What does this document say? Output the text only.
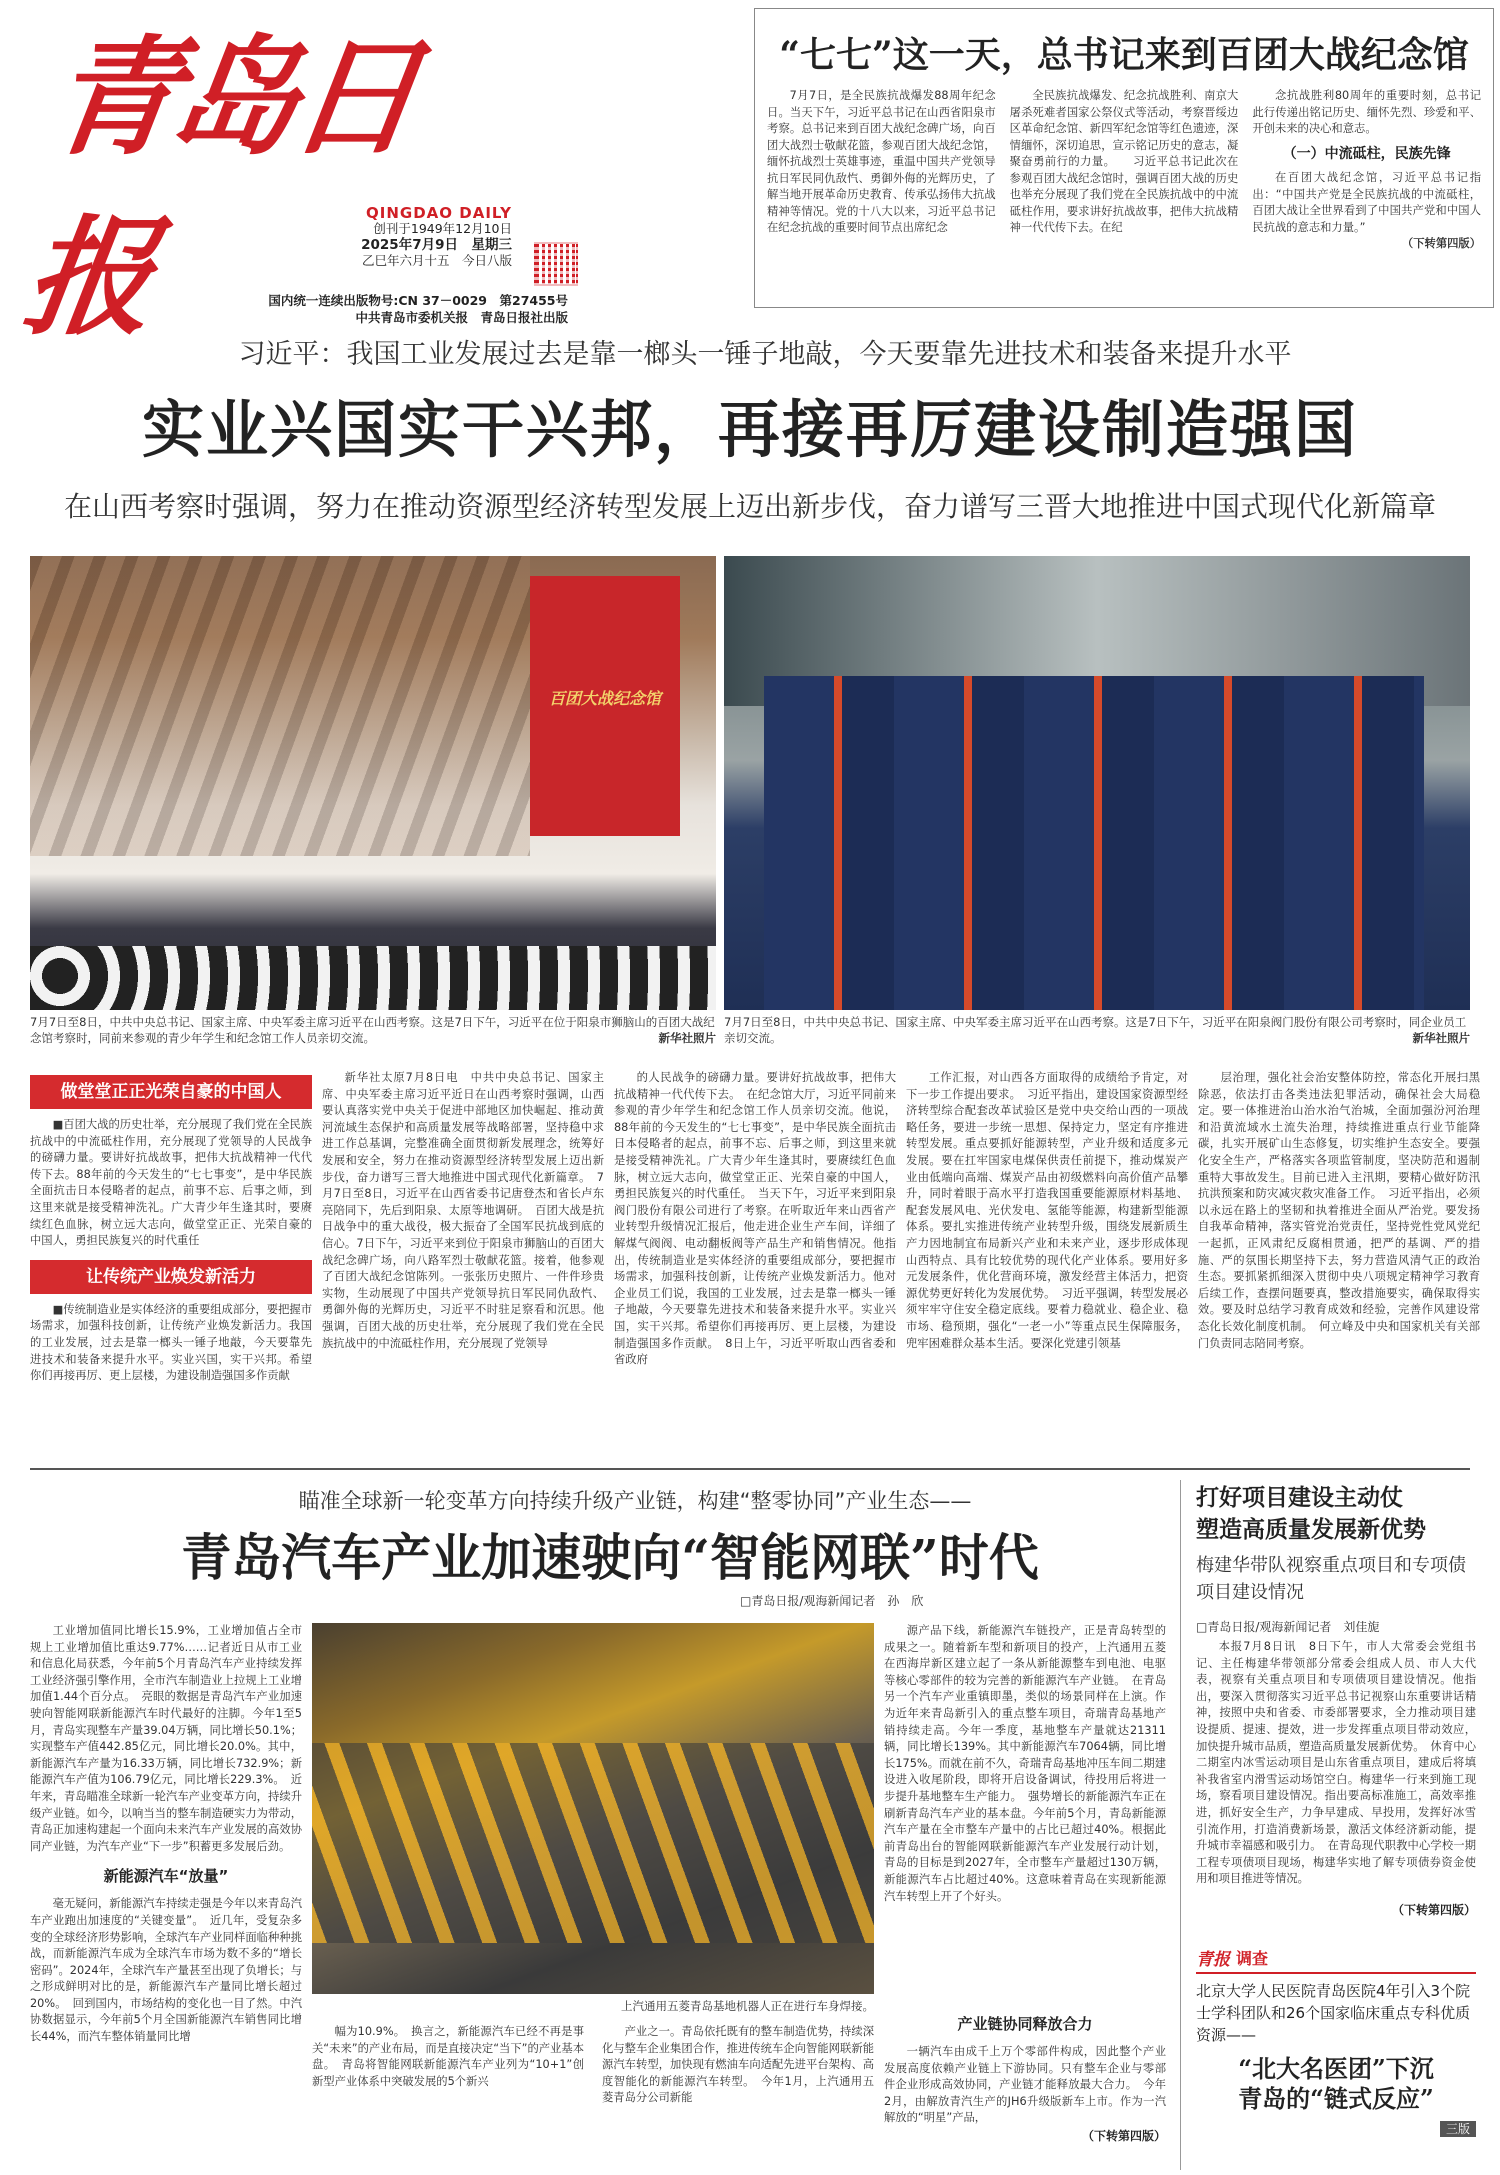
青岛日报	QINGDAO DAILY
创刊于1949年12月10日
2025年7月9日　星期三
乙巳年六月十五　今日八版
国内统一连续出版物号:CN 37－0029　第27455号
中共青岛市委机关报　青岛日报社出版
“七七”这一天，总书记来到百团大战纪念馆
7月7日，是全民族抗战爆发88周年纪念日。当天下午，习近平总书记在山西省阳泉市考察。总书记来到百团大战纪念碑广场，向百团大战烈士敬献花篮，参观百团大战纪念馆，缅怀抗战烈士英雄事迹，重温中国共产党领导抗日军民同仇敌忾、勇御外侮的光辉历史，了解当地开展革命历史教育、传承弘扬伟大抗战精神等情况。党的十八大以来，习近平总书记在纪念抗战的重要时间节点出席纪念
全民族抗战爆发、纪念抗战胜利、南京大屠杀死难者国家公祭仪式等活动，考察晋绥边区革命纪念馆、新四军纪念馆等红色遗迹，深情缅怀，深切追思，宣示铭记历史的意志，凝聚奋勇前行的力量。　　习近平总书记此次在参观百团大战纪念馆时，强调百团大战的历史也举充分展现了我们党在全民族抗战中的中流砥柱作用，要求讲好抗战故事，把伟大抗战精神一代代传下去。在纪
念抗战胜利80周年的重要时刻，总书记此行传递出铭记历史、缅怀先烈、珍爱和平、开创未来的决心和意志。
（一）中流砥柱，民族先锋
在百团大战纪念馆，习近平总书记指出：“中国共产党是全民族抗战的中流砥柱，百团大战让全世界看到了中国共产党和中国人民抗战的意志和力量。”
（下转第四版）
习近平：我国工业发展过去是靠一榔头一锤子地敲，今天要靠先进技术和装备来提升水平
实业兴国实干兴邦，再接再厉建设制造强国
在山西考察时强调，努力在推动资源型经济转型发展上迈出新步伐，奋力谱写三晋大地推进中国式现代化新篇章
百团大战纪念馆
7月7日至8日，中共中央总书记、国家主席、中央军委主席习近平在山西考察。这是7日下午，习近平在位于阳泉市狮脑山的百团大战纪念馆考察时，同前来参观的青少年学生和纪念馆工作人员亲切交流。	新华社照片
7月7日至8日，中共中央总书记、国家主席、中央军委主席习近平在山西考察。这是7日下午，习近平在阳泉阀门股份有限公司考察时，同企业员工亲切交流。	新华社照片
做堂堂正正光荣自豪的中国人
■百团大战的历史壮举，充分展现了我们党在全民族抗战中的中流砥柱作用，充分展现了党领导的人民战争的磅礴力量。要讲好抗战故事，把伟大抗战精神一代代传下去。88年前的今天发生的“七七事变”，是中华民族全面抗击日本侵略者的起点，前事不忘、后事之师，到这里来就是接受精神洗礼。广大青少年生逢其时，要赓续红色血脉，树立远大志向，做堂堂正正、光荣自豪的中国人，勇担民族复兴的时代重任
让传统产业焕发新活力
■传统制造业是实体经济的重要组成部分，要把握市场需求，加强科技创新，让传统产业焕发新活力。我国的工业发展，过去是靠一榔头一锤子地敲，今天要靠先进技术和装备来提升水平。实业兴国，实干兴邦。希望你们再接再厉、更上层楼，为建设制造强国多作贡献
新华社太原7月8日电　中共中央总书记、国家主席、中央军委主席习近平近日在山西考察时强调，山西要认真落实党中央关于促进中部地区加快崛起、推动黄河流域生态保护和高质量发展等战略部署，坚持稳中求进工作总基调，完整准确全面贯彻新发展理念，统筹好发展和安全，努力在推动资源型经济转型发展上迈出新步伐，奋力谱写三晋大地推进中国式现代化新篇章。　7月7日至8日，习近平在山西省委书记唐登杰和省长卢东亮陪同下，先后到阳泉、太原等地调研。　百团大战是抗日战争中的重大战役，极大振奋了全国军民抗战到底的信心。7日下午，习近平来到位于阳泉市狮脑山的百团大战纪念碑广场，向八路军烈士敬献花篮。接着，他参观了百团大战纪念馆陈列。一张张历史照片、一件件珍贵实物，生动展现了中国共产党领导抗日军民同仇敌忾、勇御外侮的光辉历史，习近平不时驻足察看和沉思。他强调，百团大战的历史壮举，充分展现了我们党在全民族抗战中的中流砥柱作用，充分展现了党领导
的人民战争的磅礴力量。要讲好抗战故事，把伟大抗战精神一代代传下去。　在纪念馆大厅，习近平同前来参观的青少年学生和纪念馆工作人员亲切交流。他说，88年前的今天发生的“七七事变”，是中华民族全面抗击日本侵略者的起点，前事不忘、后事之师，到这里来就是接受精神洗礼。广大青少年生逢其时，要赓续红色血脉，树立远大志向，做堂堂正正、光荣自豪的中国人，勇担民族复兴的时代重任。　当天下午，习近平来到阳泉阀门股份有限公司进行了考察。在听取近年来山西省产业转型升级情况汇报后，他走进企业生产车间，详细了解煤气阀阀、电动翻板阀等产品生产和销售情况。他指出，传统制造业是实体经济的重要组成部分，要把握市场需求，加强科技创新，让传统产业焕发新活力。他对企业员工们说，我国的工业发展，过去是靠一榔头一锤子地敲，今天要靠先进技术和装备来提升水平。实业兴国，实干兴邦。希望你们再接再厉、更上层楼，为建设制造强国多作贡献。　8日上午，习近平听取山西省委和省政府
工作汇报，对山西各方面取得的成绩给予肯定，对下一步工作提出要求。　习近平指出，建设国家资源型经济转型综合配套改革试验区是党中央交给山西的一项战略任务，要进一步统一思想、保持定力，坚定有序推进转型发展。重点要抓好能源转型，产业升级和适度多元发展。要在扛牢国家电煤保供责任前提下，推动煤炭产业由低端向高端、煤炭产品由初级燃料向高价值产品攀升，同时着眼于高水平打造我国重要能源原材料基地、配套发展风电、光伏发电、氢能等能源，构建新型能源体系。要扎实推进传统产业转型升级，围绕发展新质生产力因地制宜布局新兴产业和未来产业，逐步形成体现山西特点、具有比较优势的现代化产业体系。要用好多元发展条件，优化营商环境，激发经营主体活力，把资源优势更好转化为发展优势。　习近平强调，转型发展必须牢牢守住安全稳定底线。要着力稳就业、稳企业、稳市场、稳预期，强化“一老一小”等重点民生保障服务，兜牢困难群众基本生活。要深化党建引领基
层治理，强化社会治安整体防控，常态化开展扫黑除恶，依法打击各类违法犯罪活动，确保社会大局稳定。要一体推进治山治水治气治城，全面加强汾河治理和沿黄流域水土流失治理，持续推进重点行业节能降碳，扎实开展矿山生态修复，切实维护生态安全。要强化安全生产，严格落实各项监管制度，坚决防范和遏制重特大事故发生。目前已进入主汛期，要精心做好防汛抗洪预案和防灾减灾救灾准备工作。　习近平指出，必须以永远在路上的坚韧和执着推进全面从严治党。要发扬自我革命精神，落实管党治党责任，坚持党性党风党纪一起抓，正风肃纪反腐相贯通，把严的基调、严的措施、严的氛围长期坚持下去，努力营造风清气正的政治生态。要抓紧抓细深入贯彻中央八项规定精神学习教育后续工作，查摆问题要真，整改措施要实，确保取得实效。要及时总结学习教育成效和经验，完善作风建设常态化长效化制度机制。　何立峰及中央和国家机关有关部门负责同志陪同考察。
瞄准全球新一轮变革方向持续升级产业链，构建“整零协同”产业生态——
青岛汽车产业加速驶向“智能网联”时代
□青岛日报/观海新闻记者　孙　欣
工业增加值同比增长15.9%，工业增加值占全市规上工业增加值比重达9.77%……记者近日从市工业和信息化局获悉，今年前5个月青岛汽车产业持续发挥工业经济强引擎作用，全市汽车制造业上拉规上工业增加值1.44个百分点。　亮眼的数据是青岛汽车产业加速驶向智能网联新能源汽车时代最好的注脚。今年1至5月，青岛实现整车产量39.04万辆，同比增长50.1%；实现整车产值442.85亿元，同比增长20.0%。其中，新能源汽车产量为16.33万辆，同比增长732.9%；新能源汽车产值为106.79亿元，同比增长229.3%。　近年来，青岛瞄准全球新一轮汽车产业变革方向，持续升级产业链。如今，以响当当的整车制造硬实力为带动，青岛正加速构建起一个面向未来汽车产业发展的高效协同产业链，为汽车产业“下一步”积蓄更多发展后劲。
新能源汽车“放量”
毫无疑问，新能源汽车持续走强是今年以来青岛汽车产业跑出加速度的“关键变量”。　近几年，受复杂多变的全球经济形势影响，全球汽车产业同样面临种种挑战，而新能源汽车成为全球汽车市场为数不多的“增长密码”。2024年，全球汽车产量甚至出现了负增长；与之形成鲜明对比的是，新能源汽车产量同比增长超过20%。　回到国内，市场结构的变化也一目了然。中汽协数据显示，今年前5个月全国新能源汽车销售同比增长44%，而汽车整体销量同比增
上汽通用五菱青岛基地机器人正在进行车身焊接。
幅为10.9%。　换言之，新能源汽车已经不再是事关“未来”的产业布局，而是直接决定“当下”的产业基本盘。　青岛将智能网联新能源汽车产业列为“10+1”创新型产业体系中突破发展的5个新兴
产业之一。青岛依托既有的整车制造优势，持续深化与整车企业集团合作，推进传统车企向智能网联新能源汽车转型，加快现有燃油车向适配先进平台架构、高度智能化的新能源汽车转型。　今年1月，上汽通用五菱青岛分公司新能
源产品下线，新能源汽车链投产，正是青岛转型的成果之一。随着新车型和新项目的投产，上汽通用五菱在西海岸新区建立起了一条从新能源整车到电池、电驱等核心零部件的较为完善的新能源汽车产业链。　在青岛另一个汽车产业重镇即墨，类似的场景同样在上演。作为近年来青岛新引入的重点整车项目，奇瑞青岛基地产销持续走高。今年一季度，基地整车产量就达21311辆，同比增长139%。其中新能源汽车7064辆，同比增长175%。而就在前不久，奇瑞青岛基地冲压车间二期建设进入收尾阶段，即将开启设备调试，待投用后将进一步提升基地整车生产能力。　强势增长的新能源汽车正在刷新青岛汽车产业的基本盘。今年前5个月，青岛新能源汽车产量在全市整车产量中的占比已超过40%。根据此前青岛出台的智能网联新能源汽车产业发展行动计划，青岛的目标是到2027年，全市整车产量超过130万辆，新能源汽车占比超过40%。这意味着青岛在实现新能源汽车转型上开了个好头。
产业链协同释放合力
一辆汽车由成千上万个零部件构成，因此整个产业发展高度依赖产业链上下游协同。只有整车企业与零部件企业形成高效协同，产业链才能释放最大合力。　今年2月，由解放青汽生产的JH6升级版新车上市。作为一汽解放的“明星”产品，
（下转第四版）
打好项目建设主动仗
塑造高质量发展新优势
梅建华带队视察重点项目和专项债项目建设情况
□青岛日报/观海新闻记者　刘佳旎
本报7月8日讯　8日下午，市人大常委会党组书记、主任梅建华带领部分常委会组成人员、市人大代表，视察有关重点项目和专项债项目建设情况。他指出，要深入贯彻落实习近平总书记视察山东重要讲话精神，按照中央和省委、市委部署要求，全力推动项目建设提质、提速、提效，进一步发挥重点项目带动效应，加快提升城市品质，塑造高质量发展新优势。　休育中心二期室内冰雪运动项目是山东省重点项目，建成后将填补我省室内滑雪运动场馆空白。梅建华一行来到施工现场，察看项目建设情况。指出要高标准施工，高效率推进，抓好安全生产，力争早建成、早投用，发挥好冰雪引流作用，打造消费新场景，激活文体经济新动能，提升城市幸福感和吸引力。　在青岛现代职教中心学校一期工程专项债项目现场，梅建华实地了解专项债券资金使用和项目推进等情况。
（下转第四版）
青报 调查
北京大学人民医院青岛医院4年引入3个院士学科团队和26个国家临床重点专科优质资源——
“北大名医团”下沉
青岛的“链式反应”
三版
